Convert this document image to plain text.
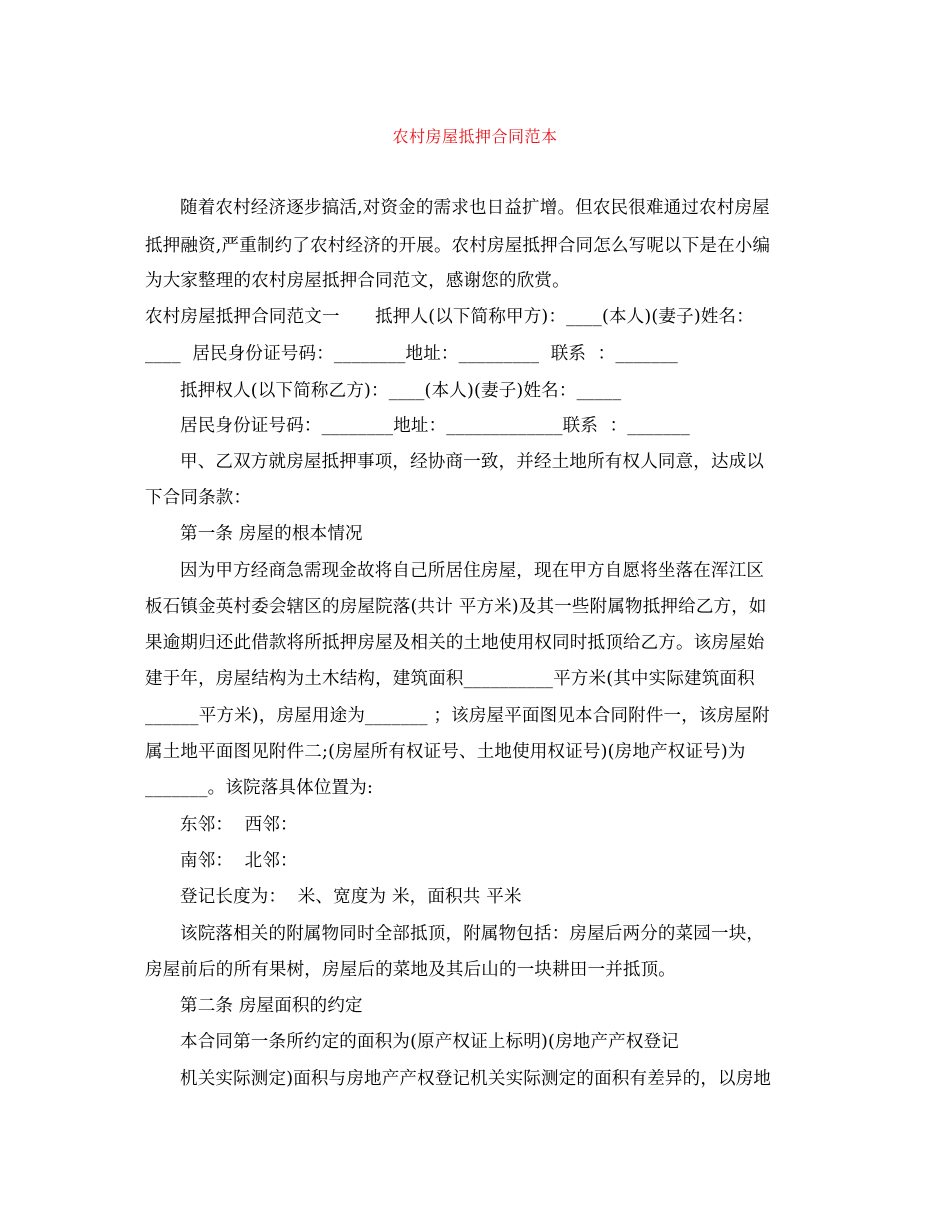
农村房屋抵押合同范本
随着农村经济逐步搞活,对资金的需求也日益扩增。但农民很难通过农村房屋
抵押融资,严重制约了农村经济的开展。农村房屋抵押合同怎么写呢以下是在小编
为大家整理的农村房屋抵押合同范文，感谢您的欣赏。
农村房屋抵押合同范文一　　抵押人(以下简称甲方)：____(本人)(妻子)姓名：
____  居民身份证号码：________地址：_________  联系  ：_______
抵押权人(以下简称乙方)：____(本人)(妻子)姓名：_____
居民身份证号码：________地址：_____________联系  ：_______
甲、乙双方就房屋抵押事项，经协商一致，并经土地所有权人同意，达成以
下合同条款：
第一条 房屋的根本情况
因为甲方经商急需现金故将自己所居住房屋，现在甲方自愿将坐落在浑江区
板石镇金英村委会辖区的房屋院落(共计 平方米)及其一些附属物抵押给乙方，如
果逾期归还此借款将所抵押房屋及相关的土地使用权同时抵顶给乙方。该房屋始
建于年，房屋结构为土木结构，建筑面积__________平方米(其中实际建筑面积
______平方米)，房屋用途为_______ ；该房屋平面图见本合同附件一，该房屋附
属土地平面图见附件二;(房屋所有权证号、土地使用权证号)(房地产权证号)为
_______。该院落具体位置为:
东邻：  西邻：
南邻：  北邻：
登记长度为：  米、宽度为 米，面积共 平米
该院落相关的附属物同时全部抵顶，附属物包括：房屋后两分的菜园一块，
房屋前后的所有果树，房屋后的菜地及其后山的一块耕田一并抵顶。
第二条 房屋面积的约定
本合同第一条所约定的面积为(原产权证上标明)(房地产产权登记
机关实际测定)面积与房地产产权登记机关实际测定的面积有差异的，以房地
